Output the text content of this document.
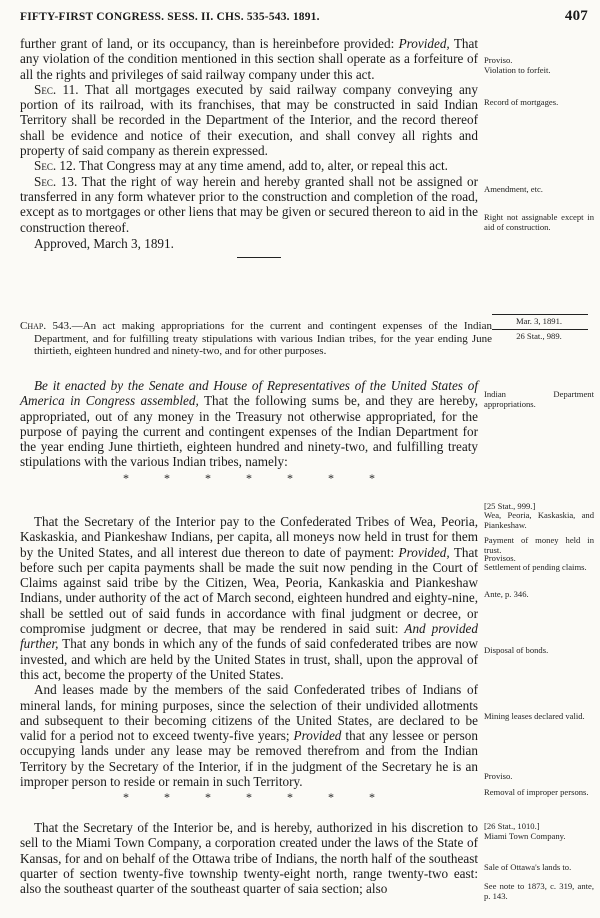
FIFTY-FIRST CONGRESS. SESS. II. CHS. 535-543. 1891.	407

further grant of land, or its occupancy, than is hereinbefore provided: Provided, That any violation of the condition mentioned in this section shall operate as a forfeiture of all the rights and privileges of said railway company under this act.

Sec. 11. That all mortgages executed by said railway company conveying any portion of its railroad, with its franchises, that may be constructed in said Indian Territory shall be recorded in the Department of the Interior, and the record thereof shall be evidence and notice of their execution, and shall convey all rights and property of said company as therein expressed.

Sec. 12. That Congress may at any time amend, add to, alter, or repeal this act.

Sec. 13. That the right of way herein and hereby granted shall not be assigned or transferred in any form whatever prior to the construction and completion of the road, except as to mortgages or other liens that may be given or secured thereon to aid in the construction thereof.

Approved, March 3, 1891.

Chap. 543.—An act making appropriations for the current and contingent expenses of the Indian Department, and for fulfilling treaty stipulations with various Indian tribes, for the year ending June thirtieth, eighteen hundred and ninety-two, and for other purposes.

Be it enacted by the Senate and House of Representatives of the United States of America in Congress assembled, That the following sums be, and they are hereby, appropriated, out of any money in the Treasury not otherwise appropriated, for the purpose of paying the current and contingent expenses of the Indian Department for the year ending June thirtieth, eighteen hundred and ninety-two, and fulfilling treaty stipulations with the various Indian tribes, namely:

* * * * * * *

That the Secretary of the Interior pay to the Confederated Tribes of Wea, Peoria, Kaskaskia, and Piankeshaw Indians, per capita, all moneys now held in trust for them by the United States, and all interest due thereon to date of payment: Provided, That before such per capita payments shall be made the suit now pending in the Court of Claims against said tribe by the Citizen, Wea, Peoria, Kankaskia and Piankeshaw Indians, under authority of the act of March second, eighteen hundred and eighty-nine, shall be settled out of said funds in accordance with final judgment or decree, or compromise judgment or decree, that may be rendered in said suit: And provided further, That any bonds in which any of the funds of said confederated tribes are now invested, and which are held by the United States in trust, shall, upon the approval of this act, become the property of the United States.

And leases made by the members of the said Confederated tribes of Indians of mineral lands, for mining purposes, since the selection of their undivided allotments and subsequent to their becoming citizens of the United States, are declared to be valid for a period not to exceed twenty-five years; Provided that any lessee or person occupying lands under any lease may be removed therefrom and from the Indian Territory by the Secretary of the Interior, if in the judgment of the Secretary he is an improper person to reside or remain in such Territory.

* * * * * * *

That the Secretary of the Interior be, and is hereby, authorized in his discretion to sell to the Miami Town Company, a corporation created under the laws of the State of Kansas, for and on behalf of the Ottawa tribe of Indians, the north half of the southeast quarter of section twenty-five township twenty-eight north, range twenty-two east: also the southeast quarter of the southeast quarter of saia section; also

Proviso.
Violation to forfeit.
Record of mortgages.
Amendment, etc.
Right not assignable except in aid of construction.
Mar. 3, 1891.
26 Stat., 989.
Indian Department appropriations.
[25 Stat., 999.]
Wea, Peoria, Kaskaskia, and Piankeshaw.
Payment of money held in trust.
Provisos.
Settlement of pending claims.
Ante, p. 346.
Disposal of bonds.
Mining leases declared valid.
Proviso.
Removal of improper persons.
[26 Stat., 1010.]
Miami Town Company.
Sale of Ottawa's lands to.
See note to 1873, c. 319, ante, p. 143.
